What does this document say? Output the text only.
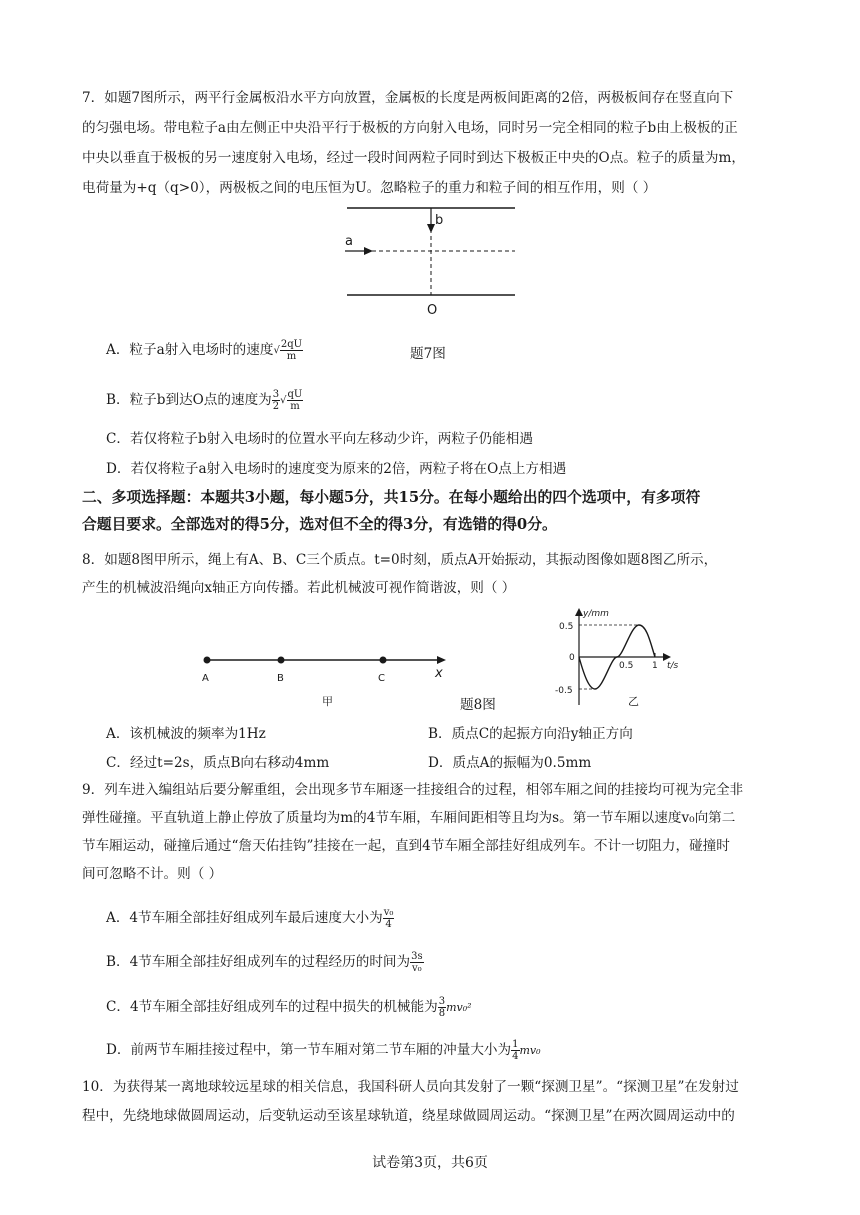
7．如题7图所示，两平行金属板沿水平方向放置，金属板的长度是两板间距离的2倍，两极板间存在竖直向下
的匀强电场。带电粒子a由左侧正中央沿平行于极板的方向射入电场，同时另一完全相同的粒子b由上极板的正
中央以垂直于极板的另一速度射入电场，经过一段时间两粒子同时到达下极板正中央的O点。粒子的质量为m，
电荷量为+q（q>0），两极板之间的电压恒为U。忽略粒子的重力和粒子间的相互作用，则（ ）
b
a
O
A．粒子a射入电场时的速度√ $\frac{2qU}{m}$	题7图
B．粒子b到达O点的速度为 $\frac{3}{2}$ √ $\frac{qU}{m}$
C．若仅将粒子b射入电场时的位置水平向左移动少许，两粒子仍能相遇
D．若仅将粒子a射入电场时的速度变为原来的2倍，两粒子将在O点上方相遇
二、多项选择题：本题共3小题，每小题5分，共15分。在每小题给出的四个选项中，有多项符
合题目要求。全部选对的得5分，选对但不全的得3分，有选错的得0分。
8．如题8图甲所示，绳上有A、B、C三个质点。t=0时刻，质点A开始振动，其振动图像如题8图乙所示，
产生的机械波沿绳向x轴正方向传播。若此机械波可视作简谐波，则（ ）
A	B	C	x
甲	题8图
y/mm
0.5
0
-0.5
0.5 1 t/s
乙
A．该机械波的频率为1Hz	B．质点C的起振方向沿y轴正方向
C．经过t=2s，质点B向右移动4mm	D．质点A的振幅为0.5mm
9．列车进入编组站后要分解重组，会出现多节车厢逐一挂接组合的过程，相邻车厢之间的挂接均可视为完全非
弹性碰撞。平直轨道上静止停放了质量均为m的4节车厢，车厢间距相等且均为s。第一节车厢以速度v₀向第二
节车厢运动，碰撞后通过“詹天佑挂钩”挂接在一起，直到4节车厢全部挂好组成列车。不计一切阻力，碰撞时
间可忽略不计。则（ ）
A．4节车厢全部挂好组成列车最后速度大小为 $\frac{\text{v₀}}{4}$
B．4节车厢全部挂好组成列车的过程经历的时间为 $\frac{3s}{\text{v₀}}$
C．4节车厢全部挂好组成列车的过程中损失的机械能为 $\frac{3}{8} mv_0^2$
D．前两节车厢挂接过程中，第一节车厢对第二节车厢的冲量大小为 $\frac{1}{4} mv_0$
10．为获得某一离地球较远星球的相关信息，我国科研人员向其发射了一颗“探测卫星”。“探测卫星”在发射过
程中，先绕地球做圆周运动，后变轨运动至该星球轨道，绕星球做圆周运动。“探测卫星”在两次圆周运动中的
试卷第3页，共6页
